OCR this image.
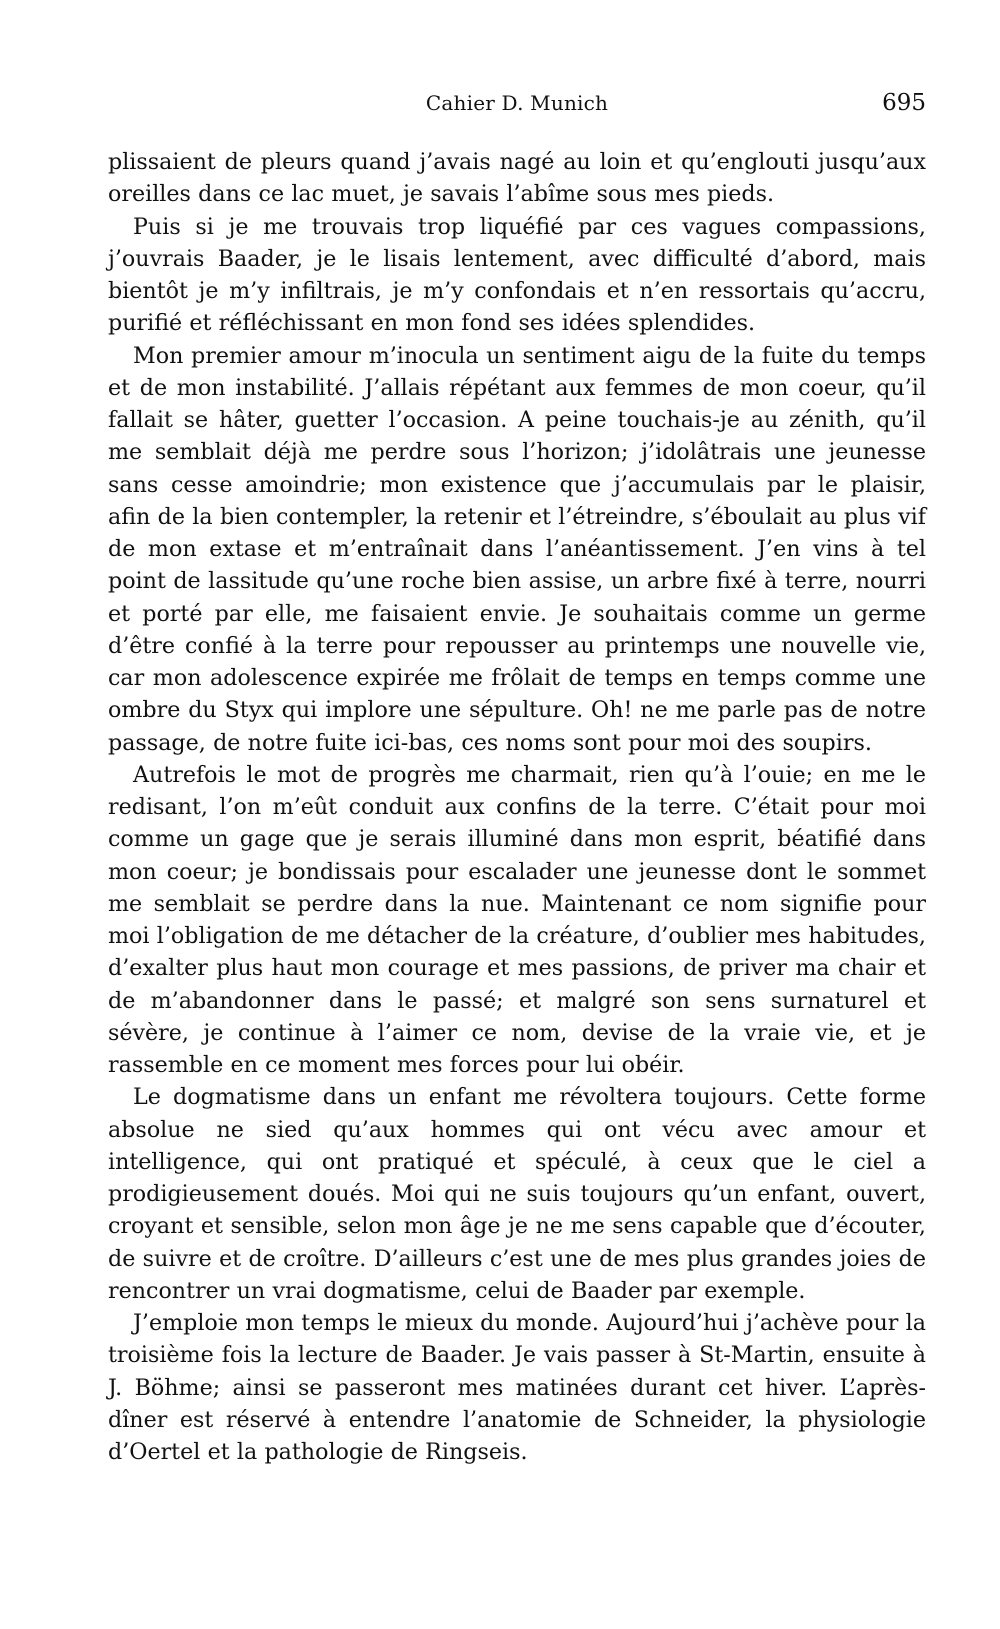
Cahier D. Munich	695

plissaient de pleurs quand j’avais nagé au loin et qu’englouti jusqu’aux oreilles dans ce lac muet, je savais l’abîme sous mes pieds.

Puis si je me trouvais trop liquéfié par ces vagues compassions, j’ouvrais Baader, je le lisais lentement, avec difficulté d’abord, mais bientôt je m’y infiltrais, je m’y confondais et n’en ressortais qu’accru, purifié et réfléchissant en mon fond ses idées splendides.

Mon premier amour m’inocula un sentiment aigu de la fuite du temps et de mon instabilité. J’allais répétant aux femmes de mon coeur, qu’il fallait se hâter, guetter l’occasion. A peine touchais-je au zénith, qu’il me semblait déjà me perdre sous l’horizon; j’idolâtrais une jeunesse sans cesse amoindrie; mon existence que j’accumulais par le plaisir, afin de la bien contempler, la retenir et l’étreindre, s’éboulait au plus vif de mon extase et m’entraînait dans l’anéantissement. J’en vins à tel point de lassitude qu’une roche bien assise, un arbre fixé à terre, nourri et porté par elle, me faisaient envie. Je souhaitais comme un germe d’être confié à la terre pour repousser au printemps une nouvelle vie, car mon adolescence expirée me frôlait de temps en temps comme une ombre du Styx qui implore une sépulture. Oh! ne me parle pas de notre passage, de notre fuite ici-bas, ces noms sont pour moi des soupirs.

Autrefois le mot de progrès me charmait, rien qu’à l’ouie; en me le redisant, l’on m’eût conduit aux confins de la terre. C’était pour moi comme un gage que je serais illuminé dans mon esprit, béatifié dans mon coeur; je bondissais pour escalader une jeunesse dont le sommet me semblait se perdre dans la nue. Maintenant ce nom signifie pour moi l’obligation de me détacher de la créature, d’oublier mes habitudes, d’exalter plus haut mon courage et mes passions, de priver ma chair et de m’abandonner dans le passé; et malgré son sens surnaturel et sévère, je continue à l’aimer ce nom, devise de la vraie vie, et je rassemble en ce moment mes forces pour lui obéir.

Le dogmatisme dans un enfant me révoltera toujours. Cette forme absolue ne sied qu’aux hommes qui ont vécu avec amour et intelligence, qui ont pratiqué et spéculé, à ceux que le ciel a prodigieusement doués. Moi qui ne suis toujours qu’un enfant, ouvert, croyant et sensible, selon mon âge je ne me sens capable que d’écouter, de suivre et de croître. D’ailleurs c’est une de mes plus grandes joies de rencontrer un vrai dogmatisme, celui de Baader par exemple.

J’emploie mon temps le mieux du monde. Aujourd’hui j’achève pour la troisième fois la lecture de Baader. Je vais passer à St-Martin, ensuite à J. Böhme; ainsi se passeront mes matinées durant cet hiver. L’après-dîner est réservé à entendre l’anatomie de Schneider, la physiologie d’Oertel et la pathologie de Ringseis.
